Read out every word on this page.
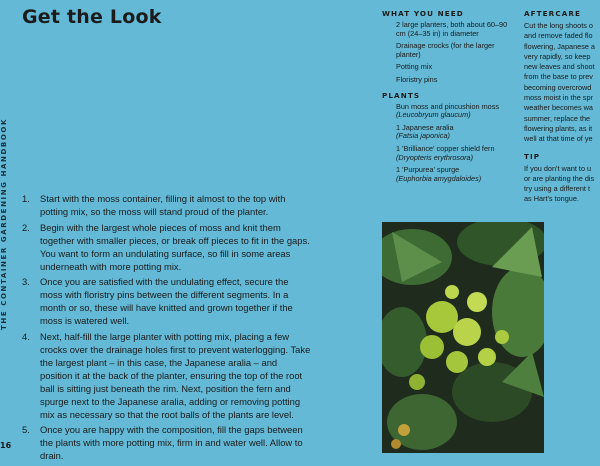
Get the Look
THE CONTAINER GARDENING HANDBOOK
16
1. Start with the moss container, filling it almost to the top with potting mix, so the moss will stand proud of the planter.
2. Begin with the largest whole pieces of moss and knit them together with smaller pieces, or break off pieces to fit in the gaps. You want to form an undulating surface, so fill in some areas underneath with more potting mix.
3. Once you are satisfied with the undulating effect, secure the moss with floristry pins between the different segments. In a month or so, these will have knitted and grown together if the moss is watered well.
4. Next, half-fill the large planter with potting mix, placing a few crocks over the drainage holes first to prevent waterlogging. Take the largest plant – in this case, the Japanese aralia – and position it at the back of the planter, ensuring the top of the root ball is sitting just beneath the rim. Next, position the fern and spurge next to the Japanese aralia, adding or removing potting mix as necessary so that the root balls of the plants are level.
5. Once you are happy with the composition, fill the gaps between the plants with more potting mix, firm in and water well. Allow to drain.
WHAT YOU NEED
2 large planters, both about 60–90 cm (24–35 in) in diameter
Drainage crocks (for the larger planter)
Potting mix
Floristry pins
PLANTS
Bun moss and pincushion moss
(Leucobryum glaucum)
1 Japanese aralia
(Fatsia japonica)
1 'Brilliance' copper shield fern
(Dryopteris erythrosora)
1 'Purpurea' spurge
(Euphorbia amygdaloides)
AFTERCARE

Cut the long shoots o
and remove faded flo
flowering, Japanese a
very rapidly, so keep
new leaves and shoot
from the base to prev
becoming overcrowd
moss moist in the spr
weather becomes wa
summer, replace the
flowering plants, as it
well at that time of ye

TIP

If you don't want to u
or are planting the dis
try using a different t
as Hart's tongue.
